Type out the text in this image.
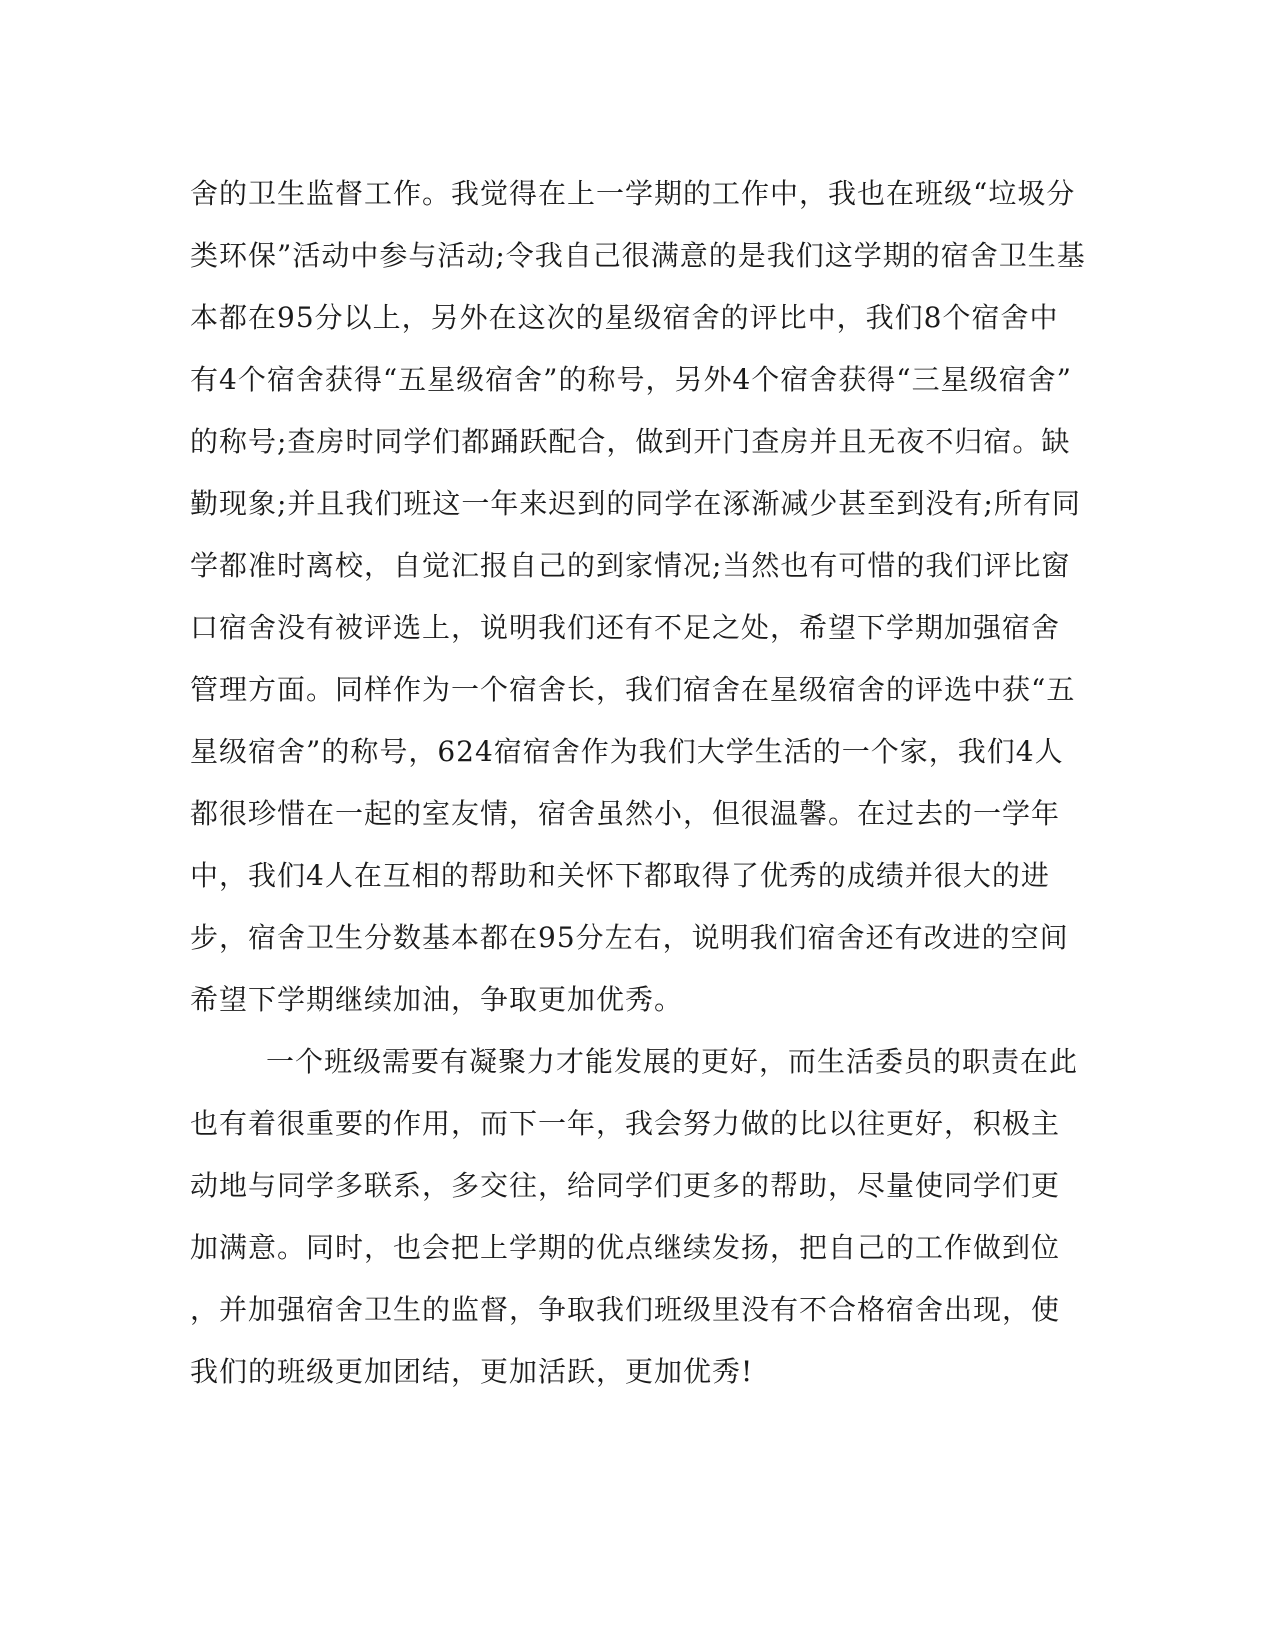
舍的卫生监督工作。我觉得在上一学期的工作中，我也在班级“垃圾分
类环保”活动中参与活动;令我自己很满意的是我们这学期的宿舍卫生基
本都在95分以上，另外在这次的星级宿舍的评比中，我们8个宿舍中
有4个宿舍获得“五星级宿舍”的称号，另外4个宿舍获得“三星级宿舍”
的称号;查房时同学们都踊跃配合，做到开门查房并且无夜不归宿。缺
勤现象;并且我们班这一年来迟到的同学在涿渐减少甚至到没有;所有同
学都准时离校，自觉汇报自己的到家情况;当然也有可惜的我们评比窗
口宿舍没有被评选上，说明我们还有不足之处，希望下学期加强宿舍
管理方面。同样作为一个宿舍长，我们宿舍在星级宿舍的评选中获“五
星级宿舍”的称号，624宿宿舍作为我们大学生活的一个家，我们4人
都很珍惜在一起的室友情，宿舍虽然小，但很温馨。在过去的一学年
中，我们4人在互相的帮助和关怀下都取得了优秀的成绩并很大的进
步，宿舍卫生分数基本都在95分左右，说明我们宿舍还有改进的空间
希望下学期继续加油，争取更加优秀。
一个班级需要有凝聚力才能发展的更好，而生活委员的职责在此
也有着很重要的作用，而下一年，我会努力做的比以往更好，积极主
动地与同学多联系，多交往，给同学们更多的帮助，尽量使同学们更
加满意。同时，也会把上学期的优点继续发扬，把自己的工作做到位
，并加强宿舍卫生的监督，争取我们班级里没有不合格宿舍出现，使
我们的班级更加团结，更加活跃，更加优秀!
